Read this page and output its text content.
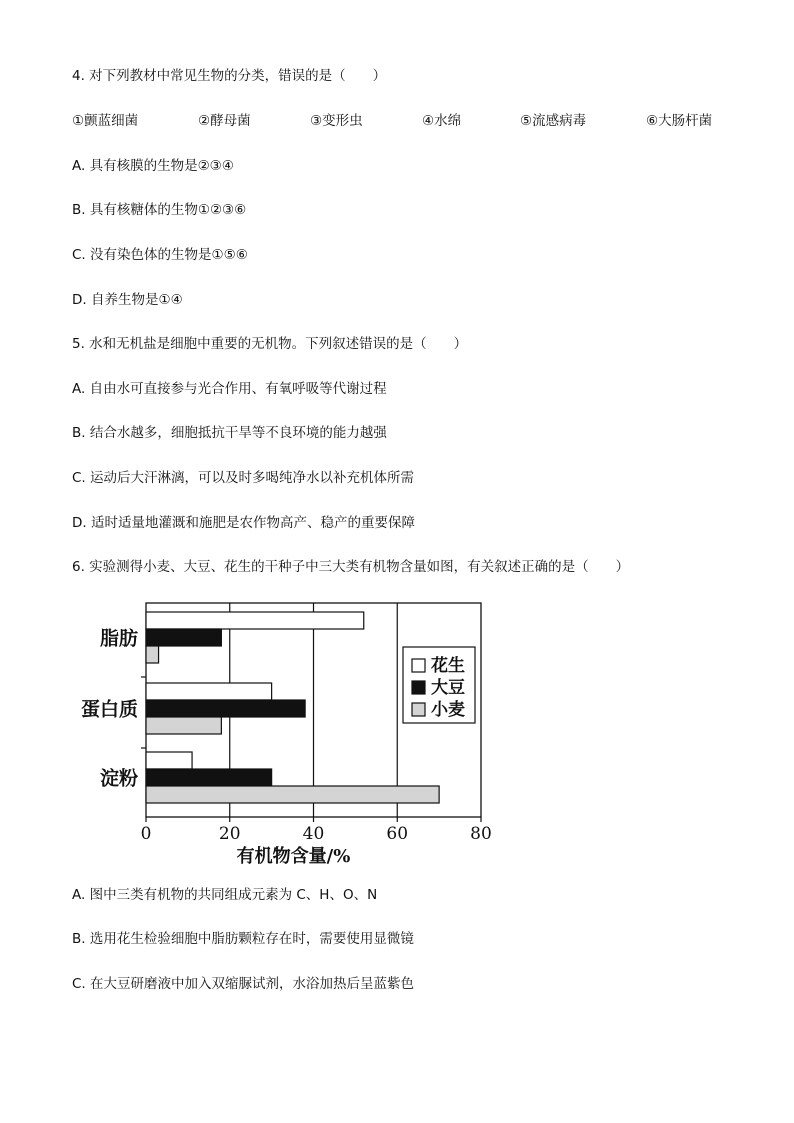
4. 对下列教材中常见生物的分类，错误的是（　　）
①颤蓝细菌	②酵母菌	③变形虫	④水绵	⑤流感病毒	⑥大肠杆菌
A. 具有核膜的生物是②③④
B. 具有核糖体的生物①②③⑥
C. 没有染色体的生物是①⑤⑥
D. 自养生物是①④
5. 水和无机盐是细胞中重要的无机物。下列叙述错误的是（　　）
A. 自由水可直接参与光合作用、有氧呼吸等代谢过程
B. 结合水越多，细胞抵抗干旱等不良环境的能力越强
C. 运动后大汗淋漓，可以及时多喝纯净水以补充机体所需
D. 适时适量地灌溉和施肥是农作物高产、稳产的重要保障
6. 实验测得小麦、大豆、花生的干种子中三大类有机物含量如图，有关叙述正确的是（　　）
0	20	40	60	80
有机物含量/%
脂肪
蛋白质
淀粉
花生
大豆
小麦
A. 图中三类有机物的共同组成元素为 C、H、O、N
B. 选用花生检验细胞中脂肪颗粒存在时，需要使用显微镜
C. 在大豆研磨液中加入双缩脲试剂，水浴加热后呈蓝紫色
